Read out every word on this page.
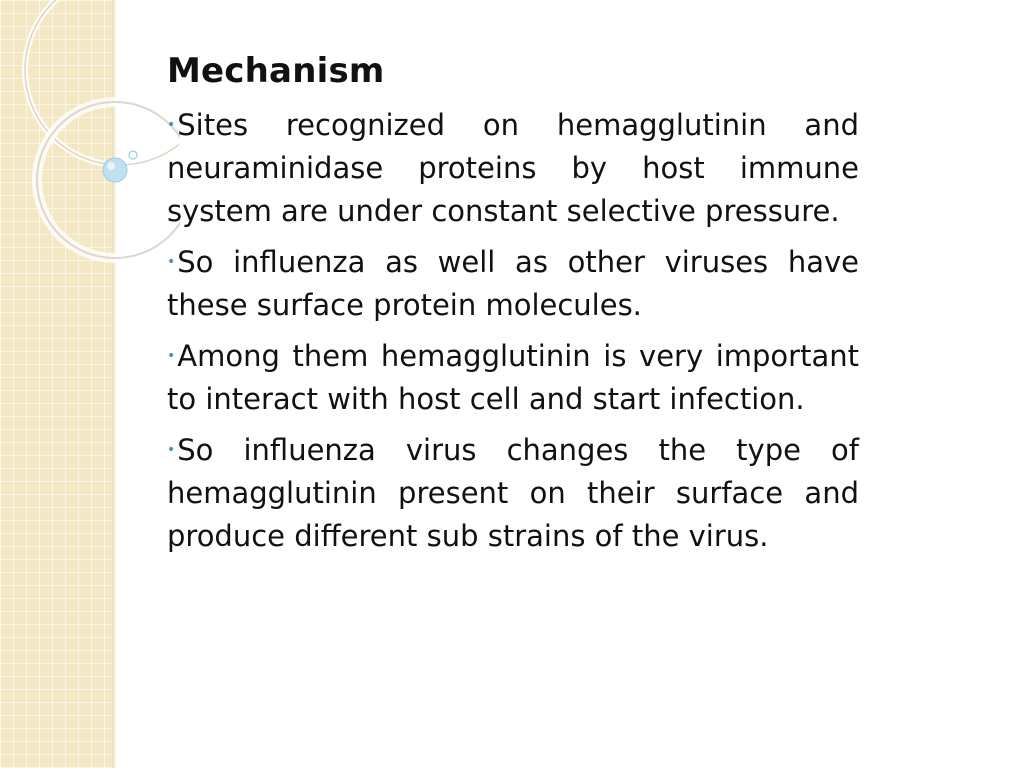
Mechanism
•Sites recognized on hemagglutinin and neuraminidase proteins by host immune system are under constant selective pressure.
•So influenza as well as other viruses have these surface protein molecules.
•Among them hemagglutinin is very important to interact with host cell and start infection.
•So influenza virus changes the type of hemagglutinin present on their surface and produce different sub strains of the virus.
